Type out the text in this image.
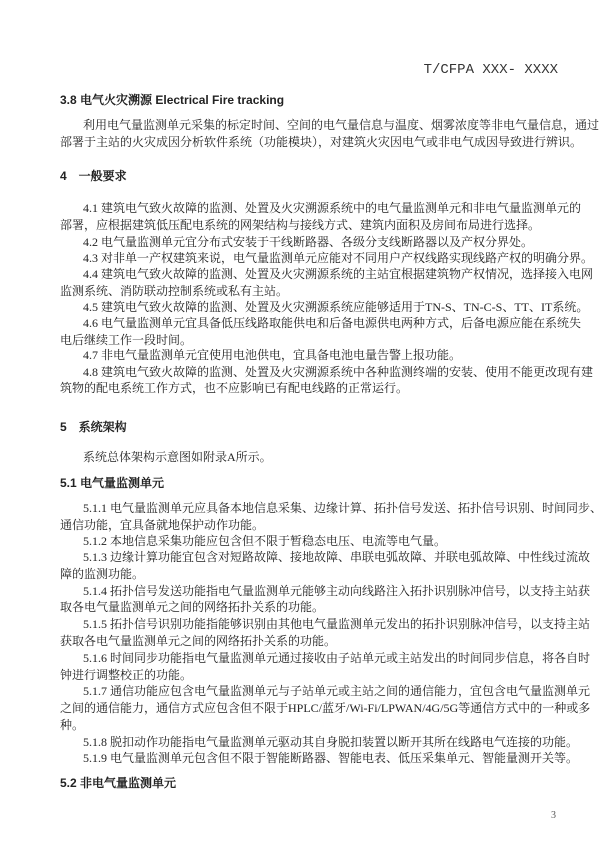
T/CFPA XXX- XXXX
3.8 电气火灾溯源 Electrical Fire tracking
利用电气量监测单元采集的标定时间、空间的电气量信息与温度、烟雾浓度等非电气量信息，通过
部署于主站的火灾成因分析软件系统（功能模块），对建筑火灾因电气或非电气成因导致进行辨识。
4　一般要求
4.1 建筑电气致火故障的监测、处置及火灾溯源系统中的电气量监测单元和非电气量监测单元的
部署，应根据建筑低压配电系统的网架结构与接线方式、建筑内面积及房间布局进行选择。
4.2 电气量监测单元宜分布式安装于干线断路器、各级分支线断路器以及产权分界处。
4.3 对非单一产权建筑来说，电气量监测单元应能对不同用户产权线路实现线路产权的明确分界。
4.4 建筑电气致火故障的监测、处置及火灾溯源系统的主站宜根据建筑物产权情况，选择接入电网
监测系统、消防联动控制系统或私有主站。
4.5 建筑电气致火故障的监测、处置及火灾溯源系统应能够适用于TN-S、TN-C-S、TT、IT系统。
4.6 电气量监测单元宜具备低压线路取能供电和后备电源供电两种方式，后备电源应能在系统失
电后继续工作一段时间。
4.7 非电气量监测单元宜使用电池供电，宜具备电池电量告警上报功能。
4.8 建筑电气致火故障的监测、处置及火灾溯源系统中各种监测终端的安装、使用不能更改现有建
筑物的配电系统工作方式，也不应影响已有配电线路的正常运行。
5　系统架构
系统总体架构示意图如附录A所示。
5.1 电气量监测单元
5.1.1 电气量监测单元应具备本地信息采集、边缘计算、拓扑信号发送、拓扑信号识别、时间同步、
通信功能，宜具备就地保护动作功能。
5.1.2 本地信息采集功能应包含但不限于暂稳态电压、电流等电气量。
5.1.3 边缘计算功能宜包含对短路故障、接地故障、串联电弧故障、并联电弧故障、中性线过流故
障的监测功能。
5.1.4 拓扑信号发送功能指电气量监测单元能够主动向线路注入拓扑识别脉冲信号，以支持主站获
取各电气量监测单元之间的网络拓扑关系的功能。
5.1.5 拓扑信号识别功能指能够识别由其他电气量监测单元发出的拓扑识别脉冲信号，以支持主站
获取各电气量监测单元之间的网络拓扑关系的功能。
5.1.6 时间同步功能指电气量监测单元通过接收由子站单元或主站发出的时间同步信息，将各自时
钟进行调整校正的功能。
5.1.7 通信功能应包含电气量监测单元与子站单元或主站之间的通信能力，宜包含电气量监测单元
之间的通信能力，通信方式应包含但不限于HPLC/蓝牙/Wi-Fi/LPWAN/4G/5G等通信方式中的一种或多
种。
5.1.8 脱扣动作功能指电气量监测单元驱动其自身脱扣装置以断开其所在线路电气连接的功能。
5.1.9 电气量监测单元包含但不限于智能断路器、智能电表、低压采集单元、智能量测开关等。
5.2 非电气量监测单元
3
